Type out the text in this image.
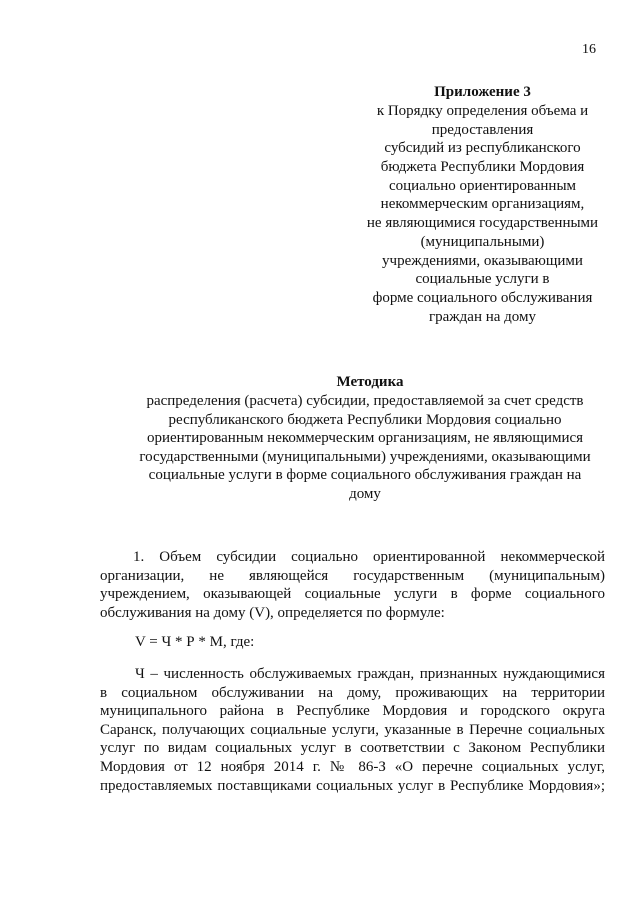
16
Приложение 3
к Порядку определения объема и
предоставления
субсидий из республиканского
бюджета Республики Мордовия
социально ориентированным
некоммерческим организациям,
не являющимися государственными
(муниципальными)
учреждениями, оказывающими
социальные услуги в
форме социального обслуживания
граждан на дому
Методика
распределения (расчета) субсидии, предоставляемой за счет средств
республиканского бюджета Республики Мордовия социально
ориентированным некоммерческим организациям, не являющимися
государственными (муниципальными) учреждениями, оказывающими
социальные услуги в форме социального обслуживания граждан на
дому
1. Объем субсидии социально ориентированной некоммерческой
организации, не являющейся государственным (муниципальным)
учреждением, оказывающей социальные услуги в форме социального
обслуживания на дому (V), определяется по формуле:
V = Ч * Р * М, где:
Ч – численность обслуживаемых граждан, признанных нуждающимися
в социальном обслуживании на дому, проживающих на территории
муниципального района в Республике Мордовия и городского округа
Саранск, получающих социальные услуги, указанные в Перечне социальных
услуг по видам социальных услуг в соответствии с Законом Республики
Мордовия от 12 ноября 2014 г. № 86-З «О перечне социальных услуг,
предоставляемых поставщиками социальных услуг в Республике Мордовия»;
